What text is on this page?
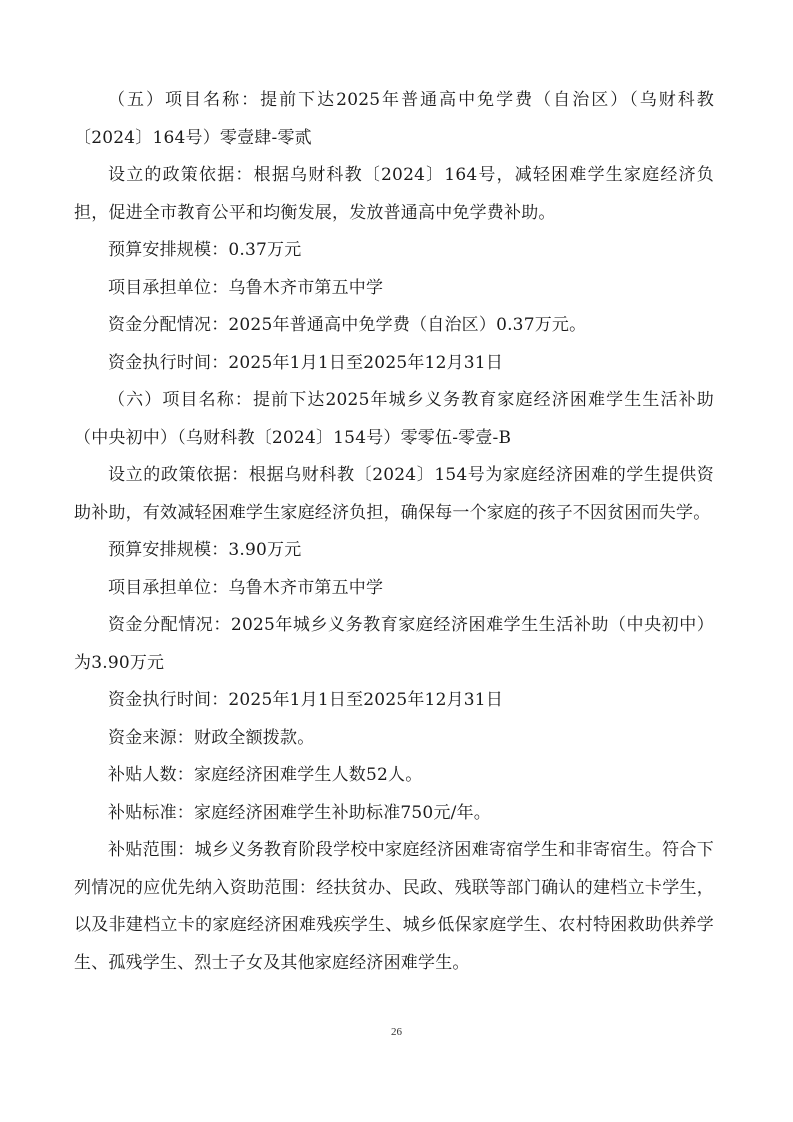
（五）项目名称：提前下达2025年普通高中免学费（自治区）（乌财科教〔2024〕164号）零壹肆-零贰

设立的政策依据：根据乌财科教〔2024〕164号，减轻困难学生家庭经济负担，促进全市教育公平和均衡发展，发放普通高中免学费补助。

预算安排规模：0.37万元

项目承担单位：乌鲁木齐市第五中学

资金分配情况：2025年普通高中免学费（自治区）0.37万元。

资金执行时间：2025年1月1日至2025年12月31日

（六）项目名称：提前下达2025年城乡义务教育家庭经济困难学生生活补助（中央初中）（乌财科教〔2024〕154号）零零伍-零壹-B

设立的政策依据：根据乌财科教〔2024〕154号为家庭经济困难的学生提供资助补助，有效减轻困难学生家庭经济负担，确保每一个家庭的孩子不因贫困而失学。

预算安排规模：3.90万元

项目承担单位：乌鲁木齐市第五中学

资金分配情况：2025年城乡义务教育家庭经济困难学生生活补助（中央初中）为3.90万元

资金执行时间：2025年1月1日至2025年12月31日

资金来源：财政全额拨款。

补贴人数：家庭经济困难学生人数52人。

补贴标准：家庭经济困难学生补助标准750元/年。

补贴范围：城乡义务教育阶段学校中家庭经济困难寄宿学生和非寄宿生。符合下列情况的应优先纳入资助范围：经扶贫办、民政、残联等部门确认的建档立卡学生，以及非建档立卡的家庭经济困难残疾学生、城乡低保家庭学生、农村特困救助供养学生、孤残学生、烈士子女及其他家庭经济困难学生。

26
